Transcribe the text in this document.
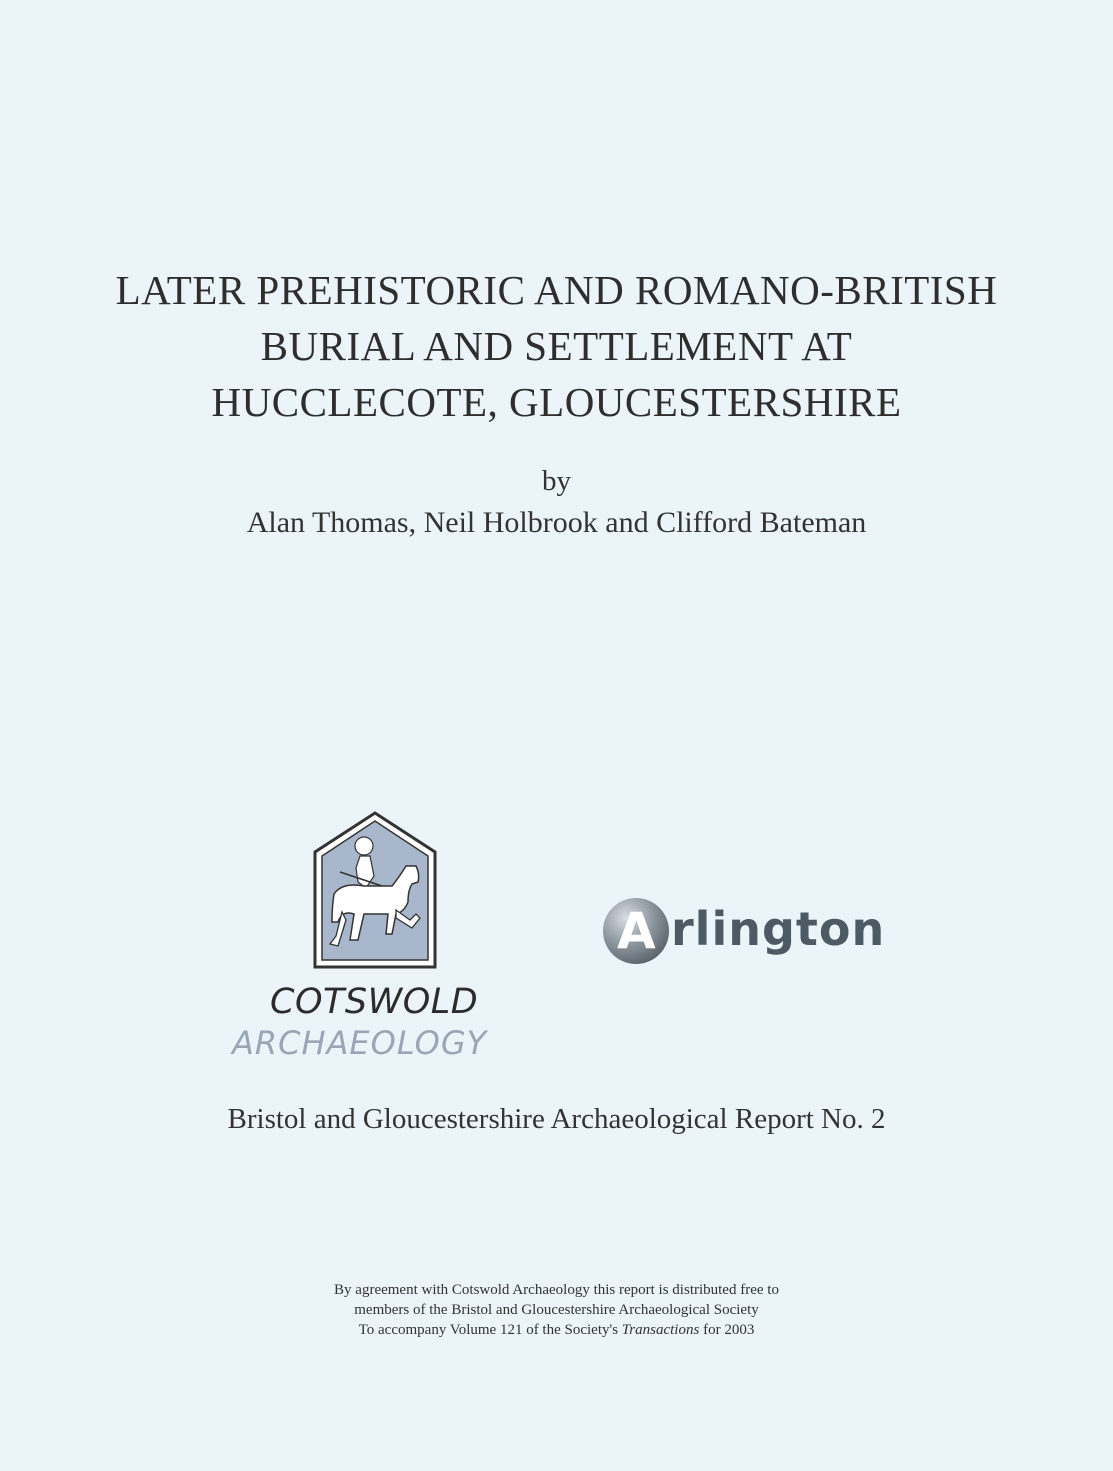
LATER PREHISTORIC AND ROMANO-BRITISH
BURIAL AND SETTLEMENT AT
HUCCLECOTE, GLOUCESTERSHIRE
by
Alan Thomas, Neil Holbrook and Clifford Bateman
COTSWOLD
ARCHAEOLOGY
A rlington
Bristol and Gloucestershire Archaeological Report No. 2
By agreement with Cotswold Archaeology this report is distributed free to
members of the Bristol and Gloucestershire Archaeological Society
To accompany Volume 121 of the Society's Transactions for 2003
